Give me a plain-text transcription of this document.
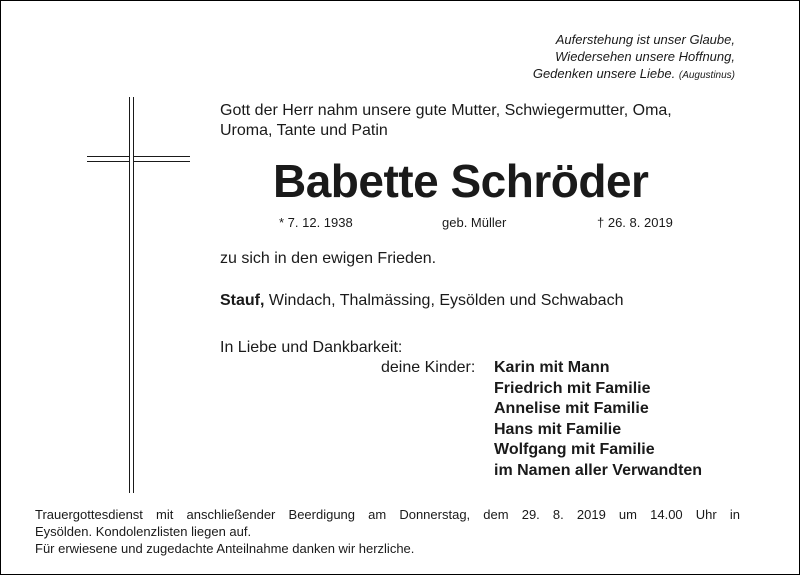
Auferstehung ist unser Glaube,
Wiedersehen unsere Hoffnung,
Gedenken unsere Liebe. (Augustinus)
Gott der Herr nahm unsere gute Mutter, Schwiegermutter, Oma,
Uroma, Tante und Patin
Babette Schröder
* 7. 12. 1938	geb. Müller	† 26. 8. 2019
zu sich in den ewigen Frieden.
Stauf, Windach, Thalmässing, Eysölden und Schwabach
In Liebe und Dankbarkeit:
deine Kinder: Karin mit Mann
Friedrich mit Familie
Annelise mit Familie
Hans mit Familie
Wolfgang mit Familie
im Namen aller Verwandten
Trauergottesdienst mit anschließender Beerdigung am Donnerstag, dem 29. 8. 2019 um 14.00 Uhr in
Eysölden. Kondolenzlisten liegen auf.
Für erwiesene und zugedachte Anteilnahme danken wir herzliche.
